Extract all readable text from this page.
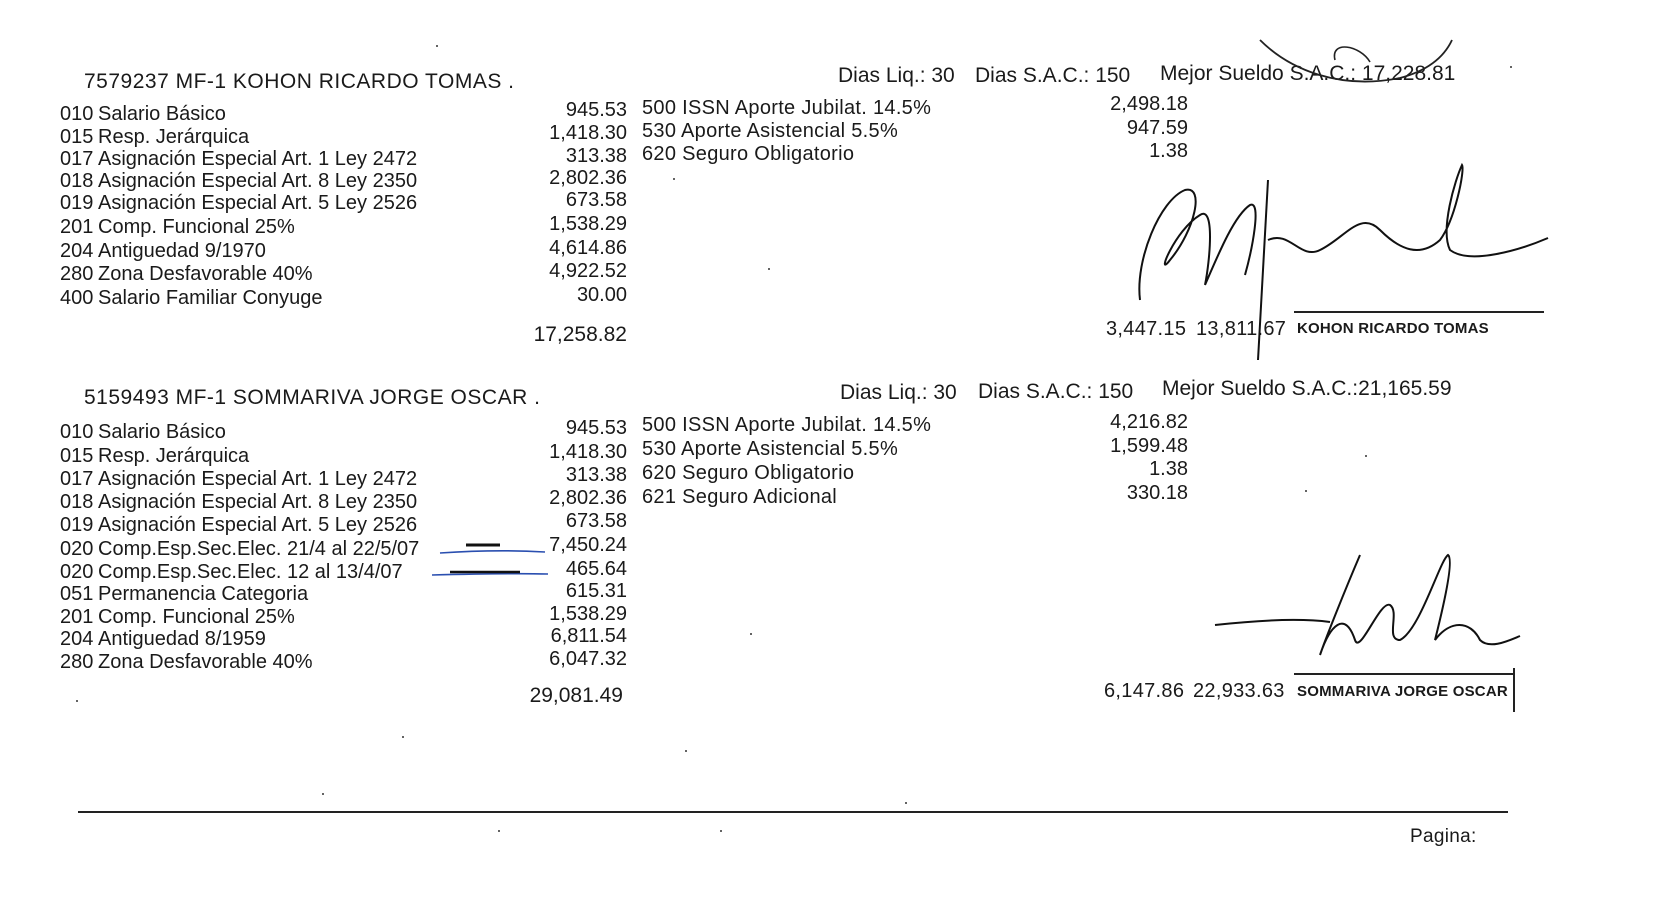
7579237 MF-1 KOHON RICARDO TOMAS .	Dias Liq.: 30 Dias S.A.C.: 150 Mejor Sueldo S.A.C.: 17,228.81
010 Salario Básico	945.53
015 Resp. Jerárquica	1,418.30
017 Asignación Especial Art. 1 Ley 2472	313.38
018 Asignación Especial Art. 8 Ley 2350	2,802.36
019 Asignación Especial Art. 5 Ley 2526	673.58
201 Comp. Funcional 25%	1,538.29
204 Antiguedad 9/1970	4,614.86
280 Zona Desfavorable 40%	4,922.52
400 Salario Familiar Conyuge	30.00
17,258.82
500 ISSN Aporte Jubilat. 14.5%	2,498.18
530 Aporte Asistencial 5.5%	947.59
620 Seguro Obligatorio	1.38
3,447.15 13,811.67 KOHON RICARDO TOMAS
5159493 MF-1 SOMMARIVA JORGE OSCAR .	Dias Liq.: 30 Dias S.A.C.: 150 Mejor Sueldo S.A.C.:21,165.59
010 Salario Básico	945.53
015 Resp. Jerárquica	1,418.30
017 Asignación Especial Art. 1 Ley 2472	313.38
018 Asignación Especial Art. 8 Ley 2350	2,802.36
019 Asignación Especial Art. 5 Ley 2526	673.58
020 Comp.Esp.Sec.Elec. 21/4 al 22/5/07	7,450.24
020 Comp.Esp.Sec.Elec. 12 al 13/4/07	465.64
051 Permanencia Categoria	615.31
201 Comp. Funcional 25%	1,538.29
204 Antiguedad 8/1959	6,811.54
280 Zona Desfavorable 40%	6,047.32
29,081.49
500 ISSN Aporte Jubilat. 14.5%	4,216.82
530 Aporte Asistencial 5.5%	1,599.48
620 Seguro Obligatorio	1.38
621 Seguro Adicional	330.18
6,147.86 22,933.63 SOMMARIVA JORGE OSCAR
Pagina:
